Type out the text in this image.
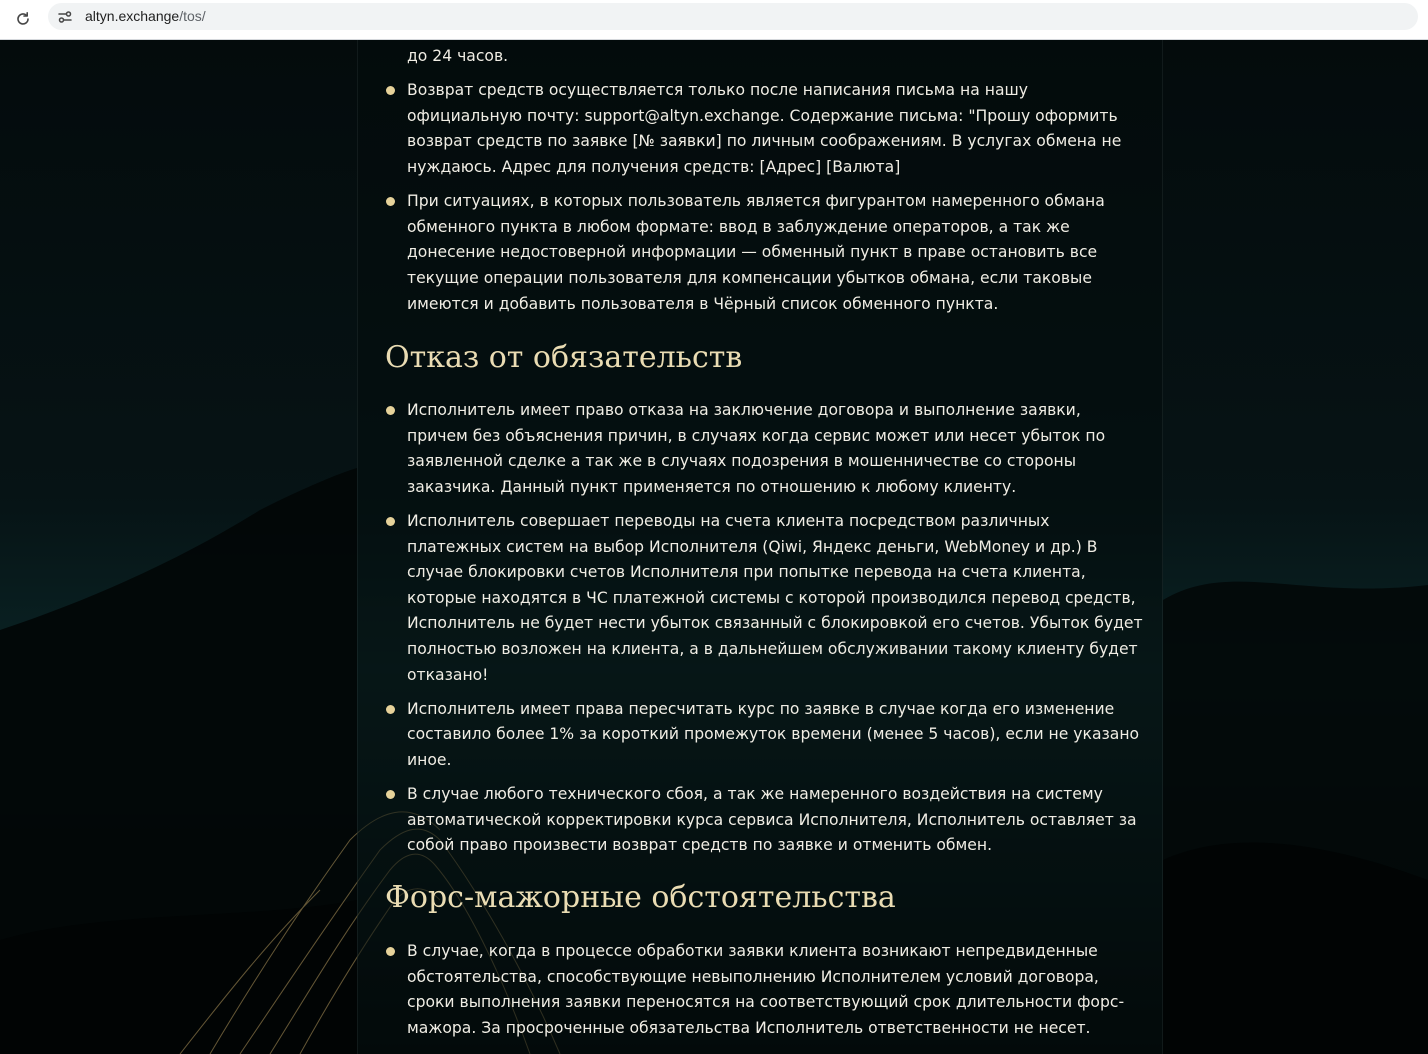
altyn.exchange/tos/
до 24 часов.
Возврат средств осуществляется только после написания письма на нашу официальную почту: support@altyn.exchange. Содержание письма: "Прошу оформить возврат средств по заявке [№ заявки] по личным соображениям. В услугах обмена не нуждаюсь. Адрес для получения средств: [Адрес] [Валюта]
При ситуациях, в которых пользователь является фигурантом намеренного обмана обменного пункта в любом формате: ввод в заблуждение операторов, а так же донесение недостоверной информации — обменный пункт в праве остановить все текущие операции пользователя для компенсации убытков обмана, если таковые имеются и добавить пользователя в Чёрный список обменного пункта.
Отказ от обязательств
Исполнитель имеет право отказа на заключение договора и выполнение заявки, причем без объяснения причин, в случаях когда сервис может или несет убыток по заявленной сделке а так же в случаях подозрения в мошенничестве со стороны заказчика. Данный пункт применяется по отношению к любому клиенту.
Исполнитель совершает переводы на счета клиента посредством различных платежных систем на выбор Исполнителя (Qiwi, Яндекс деньги, WebMoney и др.) В случае блокировки счетов Исполнителя при попытке перевода на счета клиента, которые находятся в ЧС платежной системы с которой производился перевод средств, Исполнитель не будет нести убыток связанный с блокировкой его счетов. Убыток будет полностью возложен на клиента, а в дальнейшем обслуживании такому клиенту будет отказано!
Исполнитель имеет права пересчитать курс по заявке в случае когда его изменение составило более 1% за короткий промежуток времени (менее 5 часов), если не указано иное.
В случае любого технического сбоя, а так же намеренного воздействия на систему автоматической корректировки курса сервиса Исполнителя, Исполнитель оставляет за собой право произвести возврат средств по заявке и отменить обмен.
Форс-мажорные обстоятельства
В случае, когда в процессе обработки заявки клиента возникают непредвиденные обстоятельства, способствующие невыполнению Исполнителем условий договора, сроки выполнения заявки переносятся на соответствующий срок длительности форс-мажора. За просроченные обязательства Исполнитель ответственности не несет.
